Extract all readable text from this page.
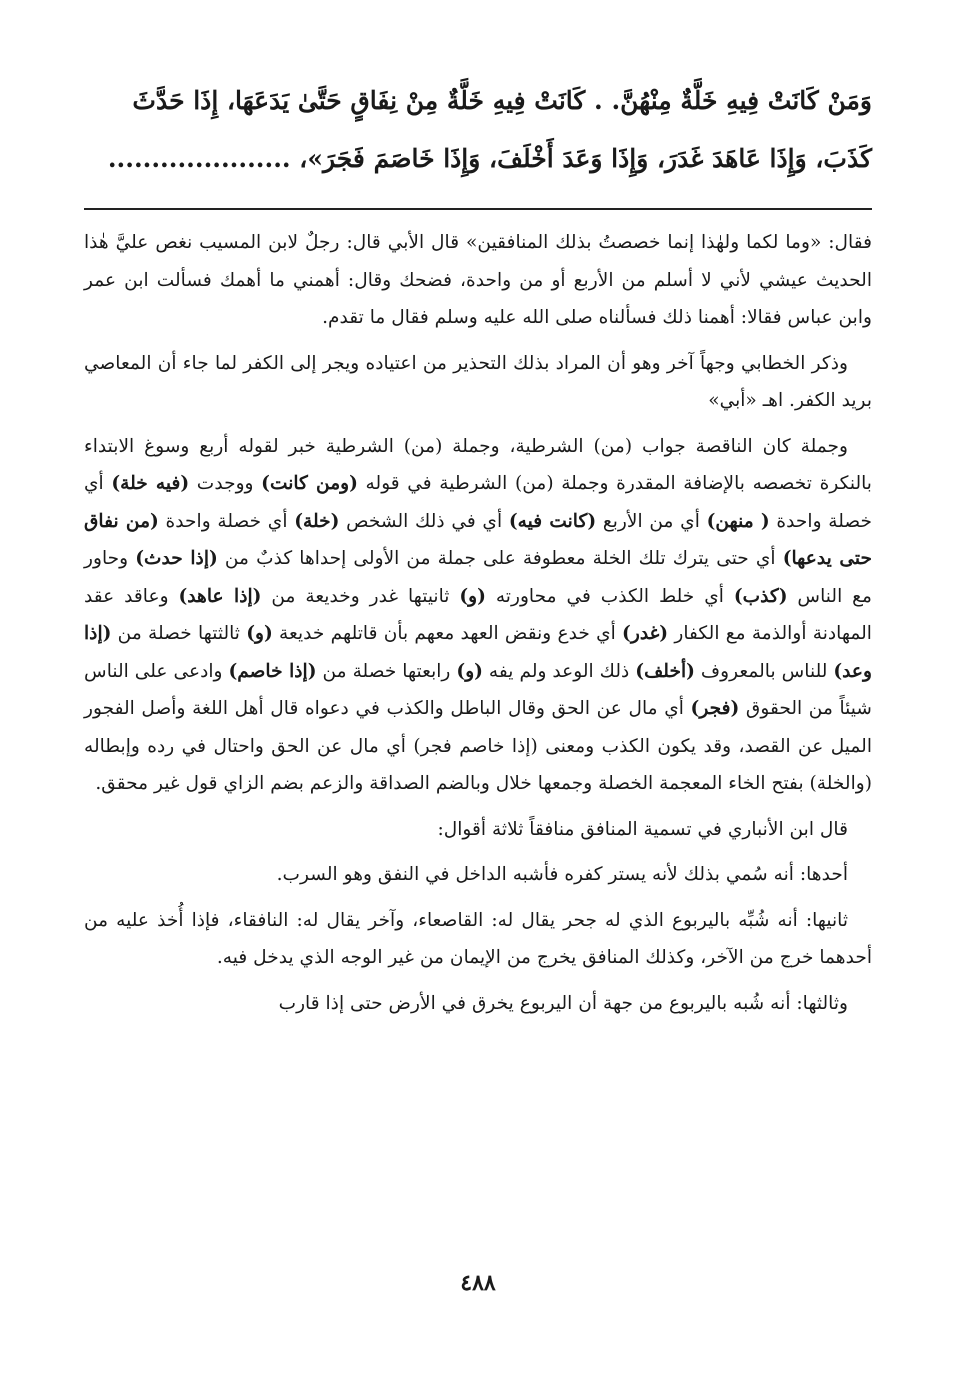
وَمَنْ كَانَتْ فِيهِ خَلَّةٌ مِنْهُنَّ. . كَانَتْ فِيهِ خَلَّةٌ مِنْ نِفَاقٍ حَتَّىٰ يَدَعَهَا، إِذَا حَدَّثَ

كَذَبَ، وَإِذَا عَاهَدَ غَدَرَ، وَإِذَا وَعَدَ أَخْلَفَ، وَإِذَا خَاصَمَ فَجَرَ»، .....................

فقال: «وما لكما ولهٰذا إنما خصصتُ بذلك المنافقين» قال الأبي قال: رجلٌ لابن المسيب نغص عليَّ هٰذا الحديث عيشي لأني لا أسلم من الأربع أو من واحدة، فضحك وقال: أهمني ما أهمك فسألت ابن عمر وابن عباس فقالا: أهمنا ذلك فسألناه صلى الله عليه وسلم فقال ما تقدم.

وذكر الخطابي وجهاً آخر وهو أن المراد بذلك التحذير من اعتياده ويجر إلى الكفر لما جاء أن المعاصي بريد الكفر. اهـ «أبي»

وجملة كان الناقصة جواب (من) الشرطية، وجملة (من) الشرطية خبر لقوله أربع وسوغ الابتداء بالنكرة تخصصه بالإضافة المقدرة وجملة (من) الشرطية في قوله (ومن كانت) ووجدت (فيه خلة) أي خصلة واحدة ( منهن) أي من الأربع (كانت فيه) أي في ذلك الشخص (خلة) أي خصلة واحدة (من نفاق حتى يدعها) أي حتى يترك تلك الخلة معطوفة على جملة من الأولى إحداها كذبٌ من (إذا حدث) وحاور مع الناس (كذب) أي خلط الكذب في محاورته (و) ثانيتها غدر وخديعة من (إذا عاهد) وعاقد عقد المهادنة أوالذمة مع الكفار (غدر) أي خدع ونقض العهد معهم بأن قاتلهم خديعة (و) ثالثتها خصلة من (إذا وعد) للناس بالمعروف (أخلف) ذلك الوعد ولم يفه (و) رابعتها خصلة من (إذا خاصم) وادعى على الناس شيئاً من الحقوق (فجر) أي مال عن الحق وقال الباطل والكذب في دعواه قال أهل اللغة وأصل الفجور الميل عن القصد، وقد يكون الكذب ومعنى (إذا خاصم فجر) أي مال عن الحق واحتال في رده وإبطاله (والخلة) بفتح الخاء المعجمة الخصلة وجمعها خلال وبالضم الصداقة والزعم بضم الزاي قول غير محقق.

قال ابن الأنباري في تسمية المنافق منافقاً ثلاثة أقوال:

أحدها: أنه سُمي بذلك لأنه يستر كفره فأشبه الداخل في النفق وهو السرب.

ثانيها: أنه شُبِّه باليربوع الذي له جحر يقال له: القاصعاء، وآخر يقال له: النافقاء، فإذا أُخذ عليه من أحدهما خرج من الآخر، وكذلك المنافق يخرج من الإيمان من غير الوجه الذي يدخل فيه.

وثالثها: أنه شُبه باليربوع من جهة أن اليربوع يخرق في الأرض حتى إذا قارب

٤٨٨
